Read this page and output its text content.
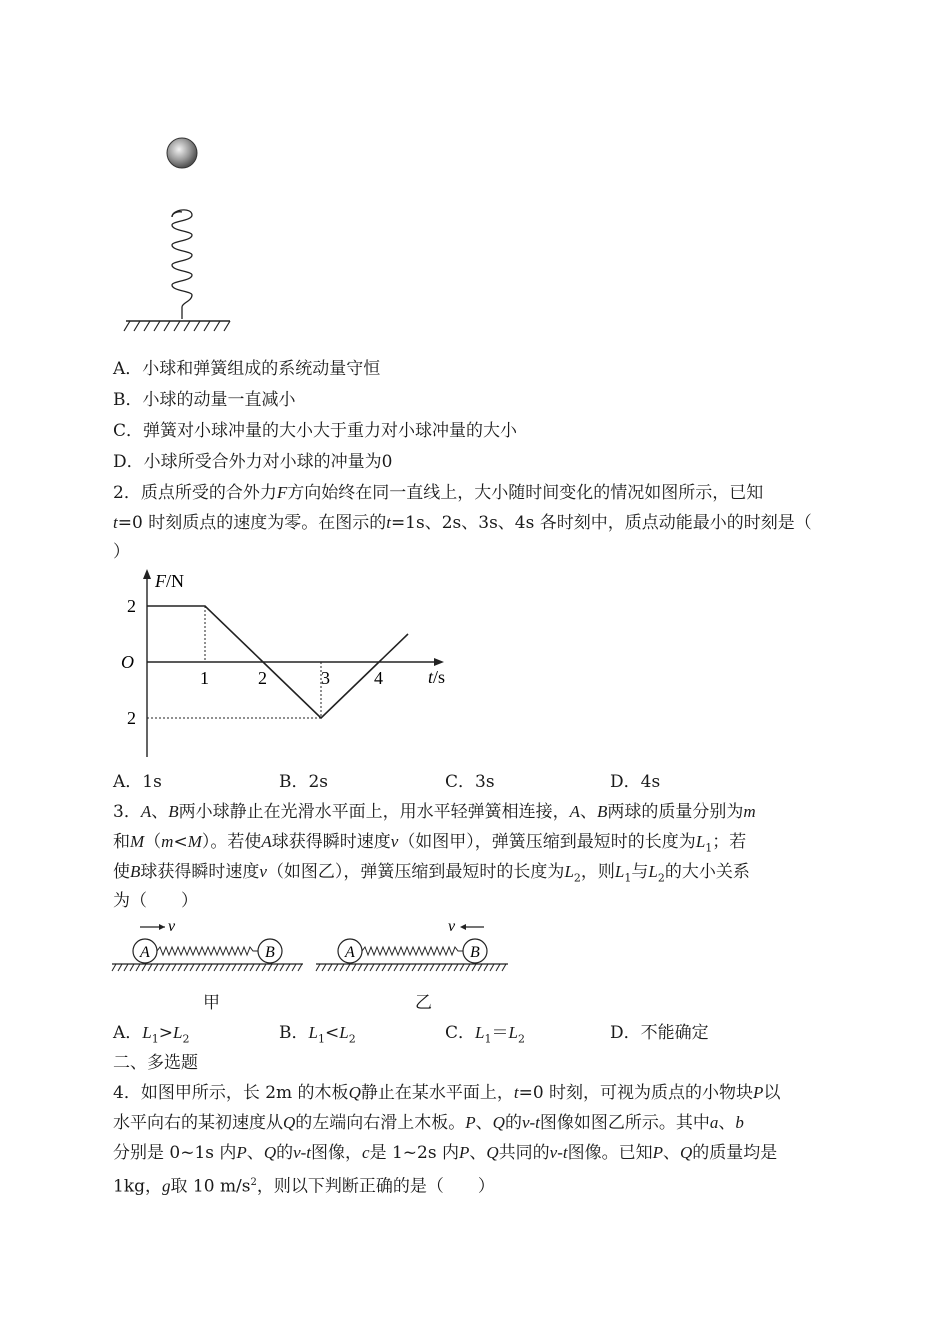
A．小球和弹簧组成的系统动量守恒
B．小球的动量一直减小
C．弹簧对小球冲量的大小大于重力对小球冲量的大小
D．小球所受合外力对小球的冲量为0
2．质点所受的合外力F方向始终在同一直线上，大小随时间变化的情况如图所示，已知
t=0 时刻质点的速度为零。在图示的t=1s、2s、3s、4s 各时刻中，质点动能最小的时刻是（
）
F/N
t/s
O
2
2
1	2	3 4
A．1s	B．2s	C．3s	D．4s
3．A、B两小球静止在光滑水平面上，用水平轻弹簧相连接，A、B两球的质量分别为m
和M（m<M）。若使A球获得瞬时速度v（如图甲），弹簧压缩到最短时的长度为$L_1$；若
使B球获得瞬时速度v（如图乙），弹簧压缩到最短时的长度为$L_2$，则$L_1$与$L_2$的大小关系
为（　　）
v
A	B
v
A	B
甲	乙
A．$L_1>L_2$	B．$L_1<L_2$	C．$L_1=L_2$	D．不能确定
二、多选题
4．如图甲所示，长 2m 的木板Q静止在某水平面上，t=0 时刻，可视为质点的小物块P以
水平向右的某初速度从Q的左端向右滑上木板。P、Q的v-t图像如图乙所示。其中a、b
分别是 0~1s 内P、Q的v-t图像，c是 1~2s 内P、Q共同的v-t图像。已知P、Q的质量均是
1kg，g取 10 $m/s^2$，则以下判断正确的是（　　）
